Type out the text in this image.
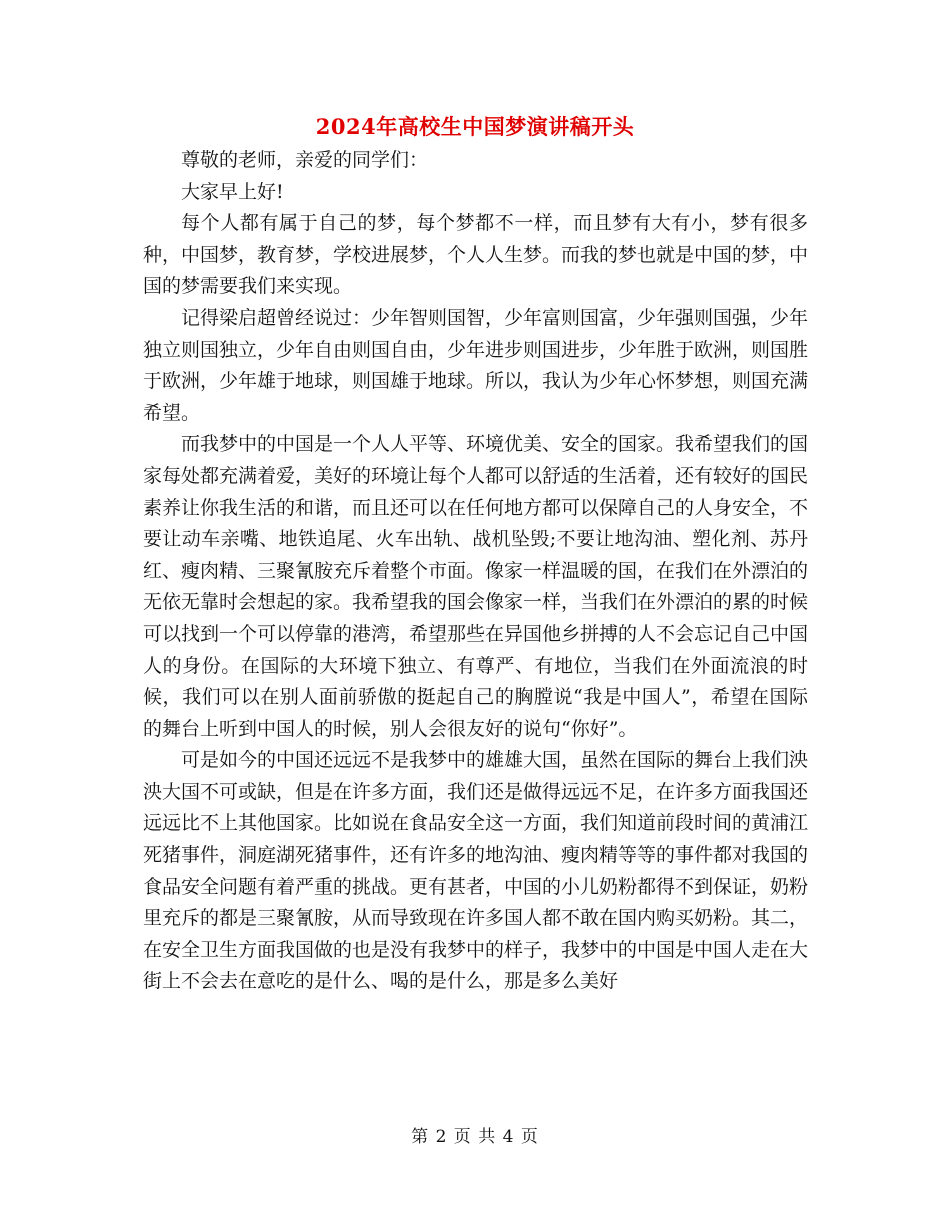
2024年高校生中国梦演讲稿开头

尊敬的老师，亲爱的同学们：

大家早上好!

每个人都有属于自己的梦，每个梦都不一样，而且梦有大有小，梦有很多种，中国梦，教育梦，学校进展梦，个人人生梦。而我的梦也就是中国的梦，中国的梦需要我们来实现。

记得梁启超曾经说过：少年智则国智，少年富则国富，少年强则国强，少年独立则国独立，少年自由则国自由，少年进步则国进步，少年胜于欧洲，则国胜于欧洲，少年雄于地球，则国雄于地球。所以，我认为少年心怀梦想，则国充满希望。

而我梦中的中国是一个人人平等、环境优美、安全的国家。我希望我们的国家每处都充满着爱，美好的环境让每个人都可以舒适的生活着，还有较好的国民素养让你我生活的和谐，而且还可以在任何地方都可以保障自己的人身安全，不要让动车亲嘴、地铁追尾、火车出轨、战机坠毁;不要让地沟油、塑化剂、苏丹红、瘦肉精、三聚氰胺充斥着整个市面。像家一样温暖的国，在我们在外漂泊的无依无靠时会想起的家。我希望我的国会像家一样，当我们在外漂泊的累的时候可以找到一个可以停靠的港湾，希望那些在异国他乡拼搏的人不会忘记自己中国人的身份。在国际的大环境下独立、有尊严、有地位，当我们在外面流浪的时候，我们可以在别人面前骄傲的挺起自己的胸膛说“我是中国人”，希望在国际的舞台上听到中国人的时候，别人会很友好的说句“你好”。

可是如今的中国还远远不是我梦中的雄雄大国，虽然在国际的舞台上我们泱泱大国不可或缺，但是在许多方面，我们还是做得远远不足，在许多方面我国还远远比不上其他国家。比如说在食品安全这一方面，我们知道前段时间的黄浦江死猪事件，洞庭湖死猪事件，还有许多的地沟油、瘦肉精等等的事件都对我国的食品安全问题有着严重的挑战。更有甚者，中国的小儿奶粉都得不到保证，奶粉里充斥的都是三聚氰胺，从而导致现在许多国人都不敢在国内购买奶粉。其二，在安全卫生方面我国做的也是没有我梦中的样子，我梦中的中国是中国人走在大街上不会去在意吃的是什么、喝的是什么，那是多么美好

第 2 页 共 4 页
